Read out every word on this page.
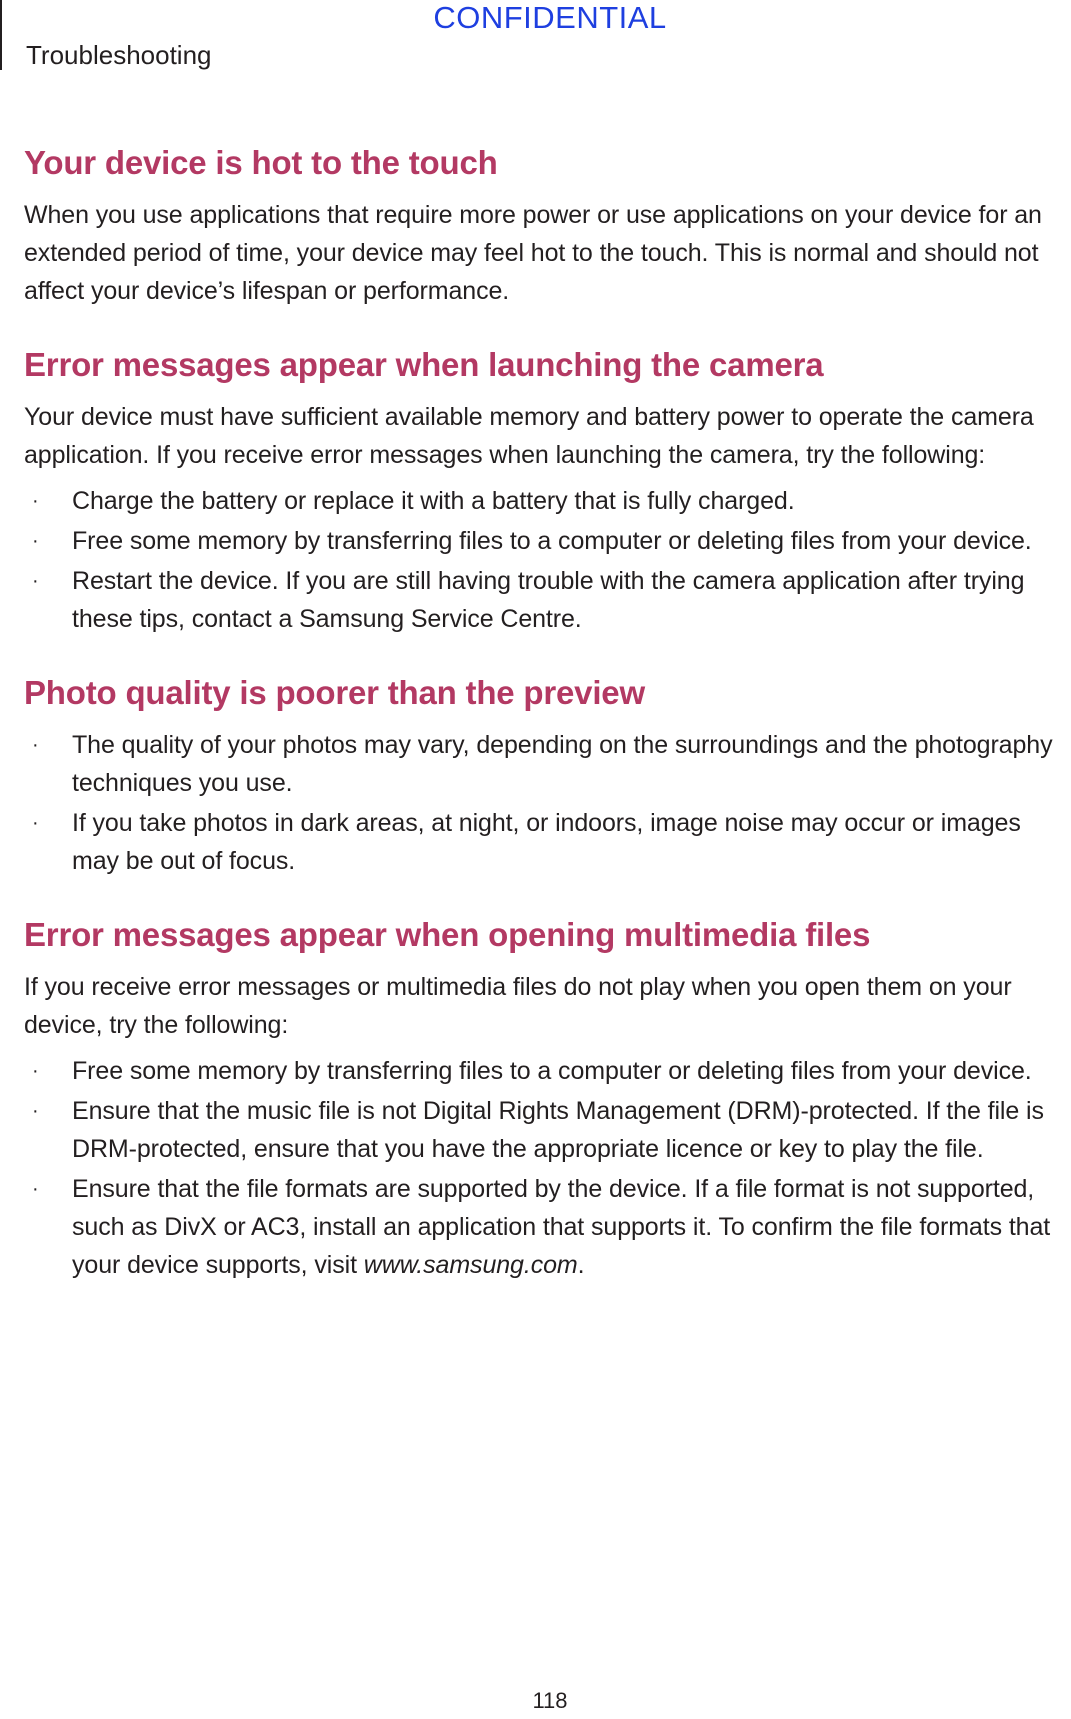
CONFIDENTIAL
Troubleshooting
Your device is hot to the touch

When you use applications that require more power or use applications on your device for an extended period of time, your device may feel hot to the touch. This is normal and should not affect your device’s lifespan or performance.

Error messages appear when launching the camera

Your device must have sufficient available memory and battery power to operate the camera application. If you receive error messages when launching the camera, try the following:

· Charge the battery or replace it with a battery that is fully charged.
· Free some memory by transferring files to a computer or deleting files from your device.
· Restart the device. If you are still having trouble with the camera application after trying these tips, contact a Samsung Service Centre.
Photo quality is poorer than the preview
· The quality of your photos may vary, depending on the surroundings and the photography techniques you use.
· If you take photos in dark areas, at night, or indoors, image noise may occur or images may be out of focus.
Error messages appear when opening multimedia files

If you receive error messages or multimedia files do not play when you open them on your device, try the following:

· Free some memory by transferring files to a computer or deleting files from your device.
· Ensure that the music file is not Digital Rights Management (DRM)-protected. If the file is DRM-protected, ensure that you have the appropriate licence or key to play the file.
· Ensure that the file formats are supported by the device. If a file format is not supported, such as DivX or AC3, install an application that supports it. To confirm the file formats that your device supports, visit www.samsung.com.
118
